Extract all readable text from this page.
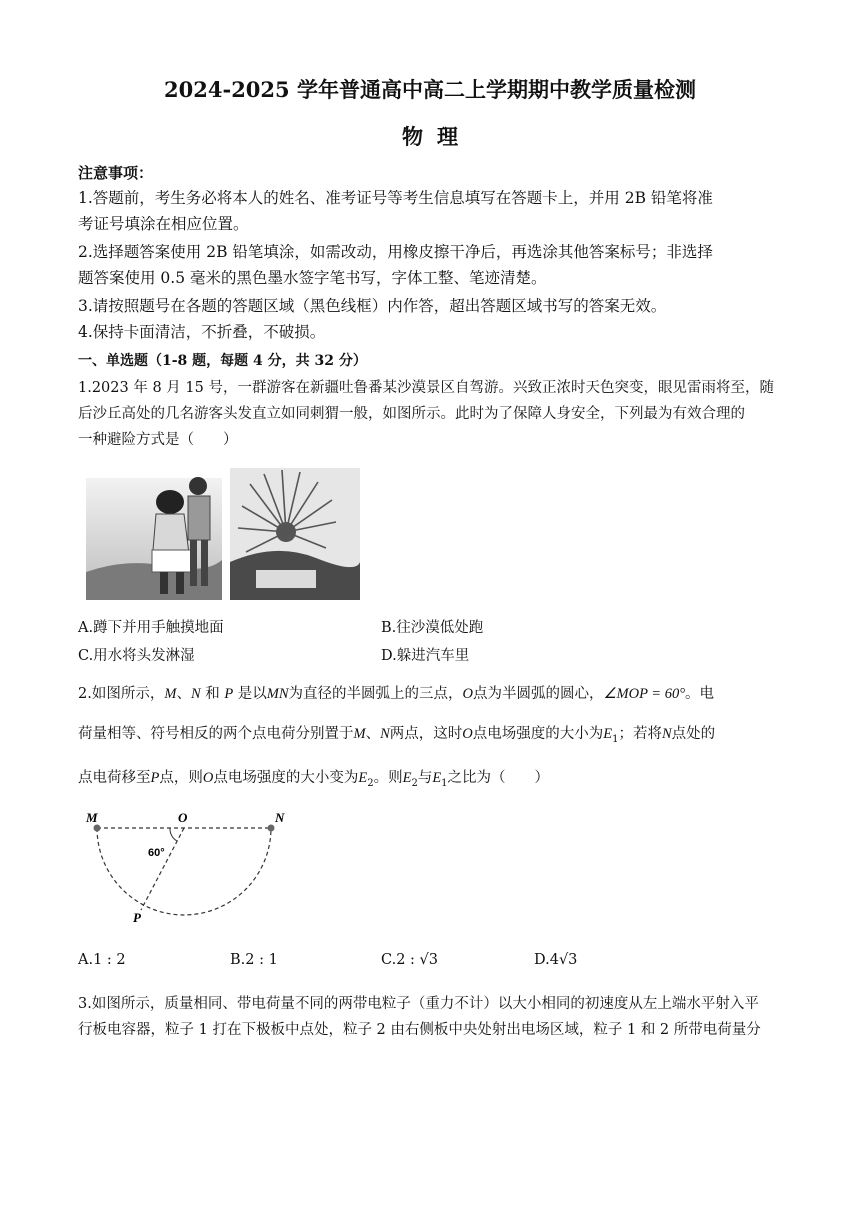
2024-2025 学年普通高中高二上学期期中教学质量检测
物理
注意事项：
1.答题前，考生务必将本人的姓名、准考证号等考生信息填写在答题卡上，并用 2B 铅笔将准
考证号填涂在相应位置。
2.选择题答案使用 2B 铅笔填涂，如需改动，用橡皮擦干净后，再选涂其他答案标号；非选择
题答案使用 0.5 毫米的黑色墨水签字笔书写，字体工整、笔迹清楚。
3.请按照题号在各题的答题区域（黑色线框）内作答，超出答题区域书写的答案无效。
4.保持卡面清洁，不折叠，不破损。
一、单选题（1-8 题，每题 4 分，共 32 分）
1.2023 年 8 月 15 号，一群游客在新疆吐鲁番某沙漠景区自驾游。兴致正浓时天色突变，眼见雷雨将至，随
后沙丘高处的几名游客头发直立如同刺猬一般，如图所示。此时为了保障人身安全，下列最为有效合理的
一种避险方式是（　　）
A.蹲下并用手触摸地面	B.往沙漠低处跑
C.用水将头发淋湿	D.躲进汽车里
2.如图所示，M、N 和 P 是以MN为直径的半圆弧上的三点，O点为半圆弧的圆心，∠MOP = 60°。电
荷量相等、符号相反的两个点电荷分别置于M、N两点，这时O点电场强度的大小为$E_1$；若将N点处的
点电荷移至P点，则O点电场强度的大小变为$E_2$。则$E_2$与$E_1$之比为（　　）
M	O	N
P
60°
A.1 : 2	B.2 : 1	C.2 : √3	D.4√3
3.如图所示，质量相同、带电荷量不同的两带电粒子（重力不计）以大小相同的初速度从左上端水平射入平
行板电容器，粒子 1 打在下极板中点处，粒子 2 由右侧板中央处射出电场区域，粒子 1 和 2 所带电荷量分
